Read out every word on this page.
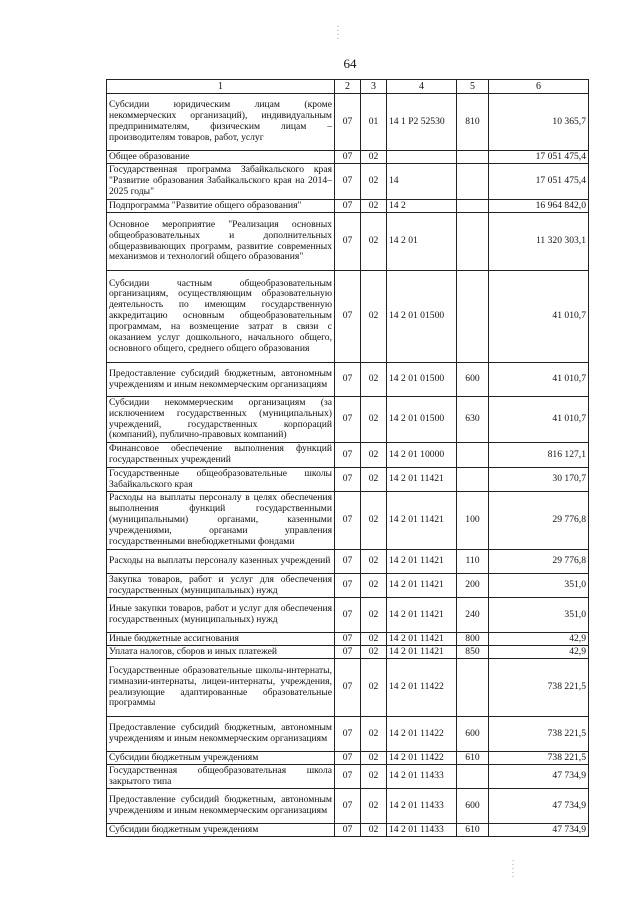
64
1	2	3	4	5	6
Субсидии юридическим лицам (кроме некоммерческих организаций), индивидуальным предпринимателям, физическим лицам – производителям товаров, работ, услуг	07	01	14 1 P2 52530	810	10 365,7
Общее образование	07	02			17 051 475,4
Государственная программа Забайкальского края "Развитие образования Забайкальского края на 2014–2025 годы"	07	02	14		17 051 475,4
Подпрограмма "Развитие общего образования"	07	02	14 2		16 964 842,0
Основное мероприятие "Реализация основных общеобразовательных и дополнительных общеразвивающих программ, развитие современных механизмов и технологий общего образования"	07	02	14 2 01		11 320 303,1
Субсидии частным общеобразовательным организациям, осуществляющим образовательную деятельность по имеющим государственную аккредитацию основным общеобразовательным программам, на возмещение затрат в связи с оказанием услуг дошкольного, начального общего, основного общего, среднего общего образования	07	02	14 2 01 01500		41 010,7
Предоставление субсидий бюджетным, автономным учреждениям и иным некоммерческим организациям	07	02	14 2 01 01500	600	41 010,7
Субсидии некоммерческим организациям (за исключением государственных (муниципальных) учреждений, государственных корпораций (компаний), публично-правовых компаний)	07	02	14 2 01 01500	630	41 010,7
Финансовое обеспечение выполнения функций государственных учреждений	07	02	14 2 01 10000		816 127,1
Государственные общеобразовательные школы Забайкальского края	07	02	14 2 01 11421		30 170,7
Расходы на выплаты персоналу в целях обеспечения выполнения функций государственными (муниципальными) органами, казенными учреждениями, органами управления государственными внебюджетными фондами	07	02	14 2 01 11421	100	29 776,8
Расходы на выплаты персоналу казенных учреждений	07	02	14 2 01 11421	110	29 776,8
Закупка товаров, работ и услуг для обеспечения государственных (муниципальных) нужд	07	02	14 2 01 11421	200	351,0
Иные закупки товаров, работ и услуг для обеспечения государственных (муниципальных) нужд	07	02	14 2 01 11421	240	351,0
Иные бюджетные ассигнования	07	02	14 2 01 11421	800	42,9
Уплата налогов, сборов и иных платежей	07	02	14 2 01 11421	850	42,9
Государственные образовательные школы-интернаты, гимназии-интернаты, лицеи-интернаты, учреждения, реализующие адаптированные образовательные программы	07	02	14 2 01 11422		738 221,5
Предоставление субсидий бюджетным, автономным учреждениям и иным некоммерческим организациям	07	02	14 2 01 11422	600	738 221,5
Субсидии бюджетным учреждениям	07	02	14 2 01 11422	610	738 221,5
Государственная общеобразовательная школа закрытого типа	07	02	14 2 01 11433		47 734,9
Предоставление субсидий бюджетным, автономным учреждениям и иным некоммерческим организациям	07	02	14 2 01 11433	600	47 734,9
Субсидии бюджетным учреждениям	07	02	14 2 01 11433	610	47 734,9
